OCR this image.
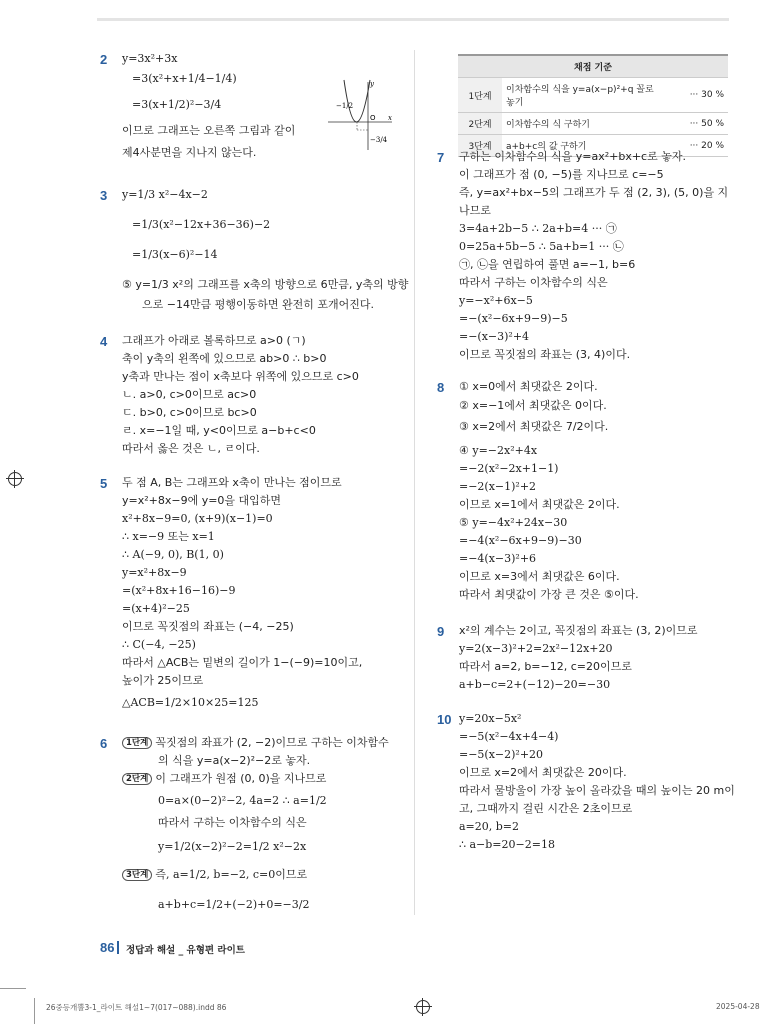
2 y=3x²+3x
=3(x²+x+1/4−1/4)
=3(x+1/2)²−3/4
이므로 그래프는 오른쪽 그림과 같이
제4사분면을 지나지 않는다.
−1/2
O x
y
−3/4
3 y=1/3 x²−4x−2
=1/3(x²−12x+36−36)−2
=1/3(x−6)²−14
⑤ y=1/3 x²의 그래프를 x축의 방향으로 6만큼, y축의 방향
으로 −14만큼 평행이동하면 완전히 포개어진다.
4 그래프가 아래로 볼록하므로 a>0 (ㄱ)
축이 y축의 왼쪽에 있으므로 ab>0 ∴ b>0
y축과 만나는 점이 x축보다 위쪽에 있으므로 c>0
ㄴ. a>0, c>0이므로 ac>0
ㄷ. b>0, c>0이므로 bc>0
ㄹ. x=−1일 때, y<0이므로 a−b+c<0
따라서 옳은 것은 ㄴ, ㄹ이다.
5 두 점 A, B는 그래프와 x축이 만나는 점이므로
y=x²+8x−9에 y=0을 대입하면
x²+8x−9=0, (x+9)(x−1)=0
∴ x=−9 또는 x=1
∴ A(−9, 0), B(1, 0)
y=x²+8x−9
=(x²+8x+16−16)−9
=(x+4)²−25
이므로 꼭짓점의 좌표는 (−4, −25)
∴ C(−4, −25)
따라서 △ACB는 밑변의 길이가 1−(−9)=10이고,
높이가 25이므로
△ACB=1/2×10×25=125
6	1단계 꼭짓점의 좌표가 (2, −2)이므로 구하는 이차함수
의 식을 y=a(x−2)²−2로 놓자.
2단계 이 그래프가 원점 (0, 0)을 지나므로
0=a×(0−2)²−2, 4a=2 ∴ a=1/2
따라서 구하는 이차함수의 식은
y=1/2(x−2)²−2=1/2 x²−2x
3단계 즉, a=1/2, b=−2, c=0이므로
a+b+c=1/2+(−2)+0=−3/2
채점 기준		
1단계	이차함수의 식을 y=a(x−p)²+q 꼴로 놓기	··· 30 %
2단계	이차함수의 식 구하기	··· 50 %
3단계	a+b+c의 값 구하기	··· 20 %
7 구하는 이차함수의 식을 y=ax²+bx+c로 놓자.
이 그래프가 점 (0, −5)를 지나므로 c=−5
즉, y=ax²+bx−5의 그래프가 두 점 (2, 3), (5, 0)을 지
나므로
3=4a+2b−5 ∴ 2a+b=4 ··· ㉠
0=25a+5b−5 ∴ 5a+b=1 ··· ㉡
㉠, ㉡을 연립하여 풀면 a=−1, b=6
따라서 구하는 이차함수의 식은
y=−x²+6x−5
=−(x²−6x+9−9)−5
=−(x−3)²+4
이므로 꼭짓점의 좌표는 (3, 4)이다.
8 ① x=0에서 최댓값은 2이다.
② x=−1에서 최댓값은 0이다.
③ x=2에서 최댓값은 7/2이다.
④ y=−2x²+4x
=−2(x²−2x+1−1)
=−2(x−1)²+2
이므로 x=1에서 최댓값은 2이다.
⑤ y=−4x²+24x−30
=−4(x²−6x+9−9)−30
=−4(x−3)²+6
이므로 x=3에서 최댓값은 6이다.
따라서 최댓값이 가장 큰 것은 ⑤이다.
9 x²의 계수는 2이고, 꼭짓점의 좌표는 (3, 2)이므로
y=2(x−3)²+2=2x²−12x+20
따라서 a=2, b=−12, c=20이므로
a+b−c=2+(−12)−20=−30
10 y=20x−5x²
=−5(x²−4x+4−4)
=−5(x−2)²+20
이므로 x=2에서 최댓값은 20이다.
따라서 물방울이 가장 높이 올라갔을 때의 높이는 20 m이
고, 그때까지 걸린 시간은 2초이므로
a=20, b=2
∴ a−b=20−2=18
86 정답과 해설 _ 유형편 라이트
26중등개뿔3-1_라이트 해설1~7(017~088).indd 86	2025-04-28
